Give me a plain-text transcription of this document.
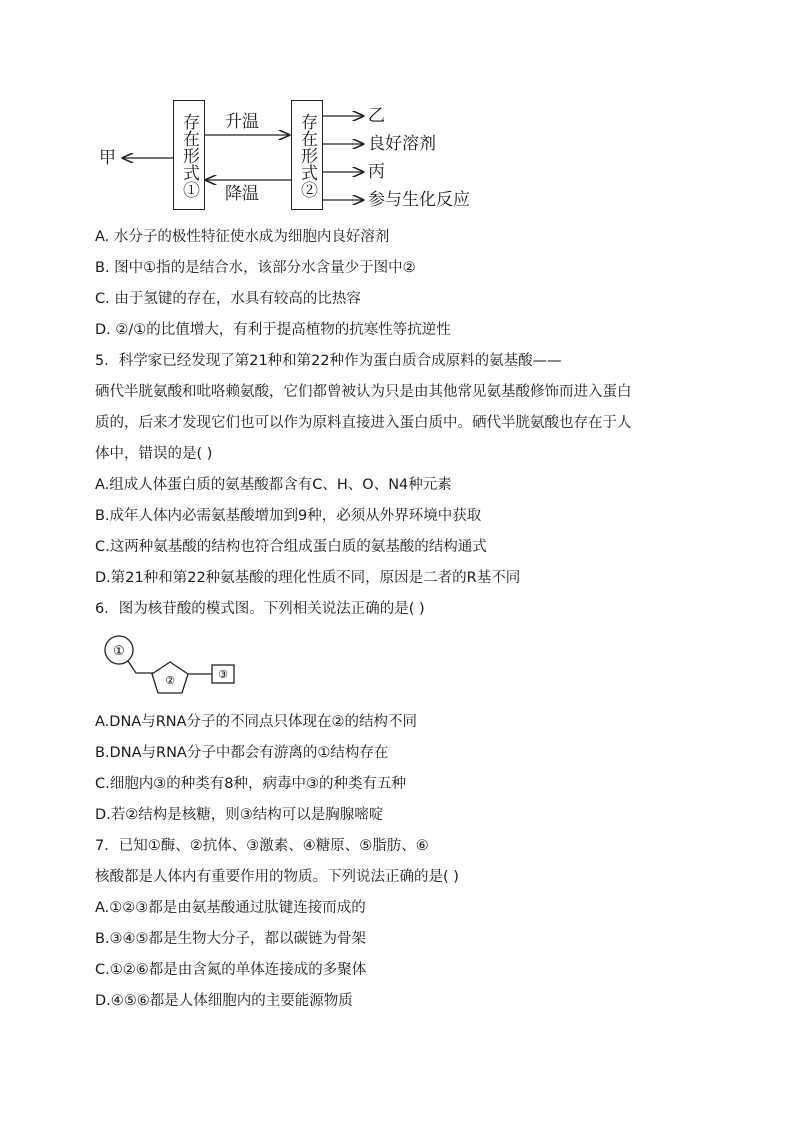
甲	存在形式①	存在形式②
升温
降温
乙
良好溶剂
丙
参与生化反应
A. 水分子的极性特征使水成为细胞内良好溶剂
B. 图中①指的是结合水，该部分水含量少于图中②
C. 由于氢键的存在，水具有较高的比热容
D. ②/①的比值增大，有利于提高植物的抗寒性等抗逆性
5．科学家已经发现了第21种和第22种作为蛋白质合成原料的氨基酸——
硒代半胱氨酸和吡咯赖氨酸，它们都曾被认为只是由其他常见氨基酸修饰而进入蛋白
质的，后来才发现它们也可以作为原料直接进入蛋白质中。硒代半胱氨酸也存在于人
体中，错误的是( )
A.组成人体蛋白质的氨基酸都含有C、H、O、N4种元素
B.成年人体内必需氨基酸增加到9种，必须从外界环境中获取
C.这两种氨基酸的结构也符合组成蛋白质的氨基酸的结构通式
D.第21种和第22种氨基酸的理化性质不同，原因是二者的R基不同
6．图为核苷酸的模式图。下列相关说法正确的是( )
①
②	③
A.DNA与RNA分子的不同点只体现在②的结构不同
B.DNA与RNA分子中都会有游离的①结构存在
C.细胞内③的种类有8种，病毒中③的种类有五种
D.若②结构是核糖，则③结构可以是胸腺嘧啶
7．已知①酶、②抗体、③激素、④糖原、⑤脂肪、⑥
核酸都是人体内有重要作用的物质。下列说法正确的是( )
A.①②③都是由氨基酸通过肽键连接而成的
B.③④⑤都是生物大分子，都以碳链为骨架
C.①②⑥都是由含氮的单体连接成的多聚体
D.④⑤⑥都是人体细胞内的主要能源物质
